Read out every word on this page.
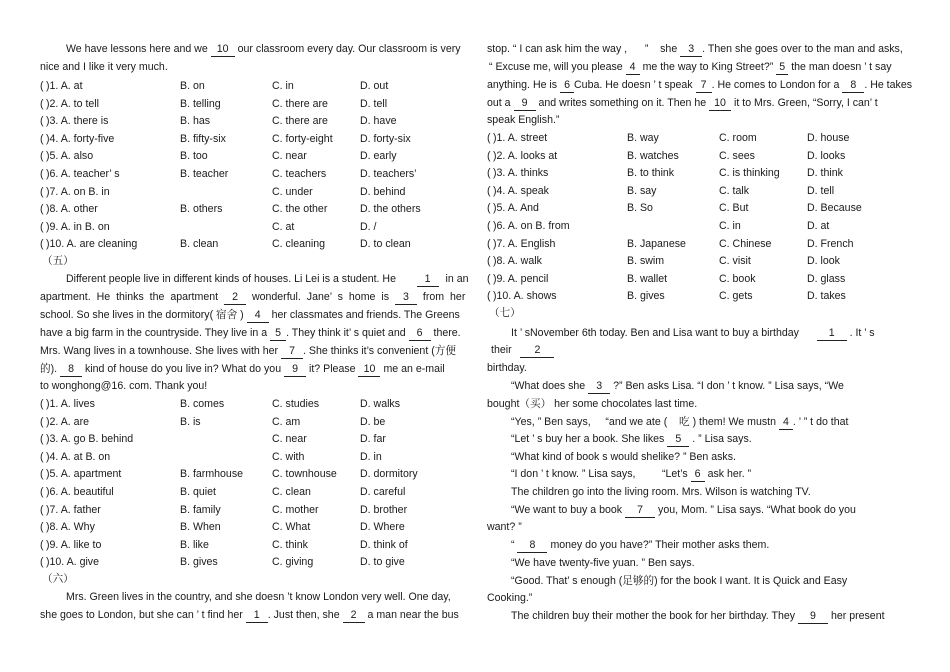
We have lessons here and we 10 our classroom every day. Our classroom is very
nice and I like it very much.
( )1. A. at	B. on	C. in	D. out
( )2. A. to tell	B. telling	C. there are	D. tell
( )3. A. there is	B. has	C. there are	D. have
( )4. A. forty-five	B. fifty-six	C. forty-eight	D. forty-six
( )5. A. also	B. too	C. near	D. early
( )6. A. teacher’ s	B. teacher	C. teachers	D. teachers’
( )7. A. on B. in	C. under	D. behind
( )8. A. other	B. others	C. the other	D. the others
( )9. A. in B. on	C. at	D. /
( )10. A. are cleaning	B. clean	C. cleaning	D. to clean
（五）
Different people live in different kinds of houses. Li Lei is a student. He	1 in an
apartment. He thinks the apartment 2 wonderful. Jane’ s home is 3 from her
school. So she lives in the dormitory( 宿舍 ) 4 her classmates and friends. The Greens
have a big farm in the countryside. They live in a 5 . They think it’ s quiet and 6 there.
Mrs. Wang lives in a townhouse. She lives with her 7 . She thinks it’s convenient (方便
的). 8 kind of house do you live in? What do you 9 it? Please 10 me an e-mail
to wonghong@16. com. Thank you!
( )1. A. lives	B. comes	C. studies	D. walks
( )2. A. are	B. is	C. am	D. be
( )3. A. go B. behind	C. near	D. far
( )4. A. at B. on	C. with	D. in
( )5. A. apartment	B. farmhouse	C. townhouse D. dormitory
( )6. A. beautiful	B. quiet	C. clean	D. careful
( )7. A. father	B. family	C. mother	D. brother
( )8. A. Why	B. When	C. What	D. Where
( )9. A. like to	B. like	C. think	D. think of
( )10. A. give	B. gives	C. giving	D. to give
（六）
Mrs. Green lives in the country, and she doesn ’t know London very well. One day,
she goes to London, but she can ’ t find her 1 . Just then, she 2 a man near the bus
stop. “ I can ask him the way , ” she 3 . Then she goes over to the man and asks,
“ Excuse me, will you please 4 me the way to King Street?” 5 the man doesn ’ t say
anything. He is 6 Cuba. He doesn ’ t speak 7 . He comes to London for a 8 . He takes
out a 9 and writes something on it. Then he 10 it to Mrs. Green, “Sorry, I can’ t
speak English.”
( )1. A. street	B. way	C. room	D. house
( )2. A. looks at	B. watches	C. sees	D. looks
( )3. A. thinks	B. to think	C. is thinking	D. think
( )4. A. speak	B. say	C. talk	D. tell
( )5. A. And	B. So	C. But	D. Because
( )6. A. on B. from	C. in	D. at
( )7. A. English	B. Japanese	C. Chinese	D. French
( )8. A. walk	B. swim	C. visit	D. look
( )9. A. pencil	B. wallet	C. book	D. glass
( )10. A. shows	B. gives	C. gets	D. takes
（七）
It ’ sNovember 6th today. Ben and Lisa want to buy a birthday	1 . It ’ s
their 2
birthday.
“What does she 3 ?” Ben asks Lisa. “I don ’ t know. ” Lisa says, “We
bought（买） her some chocolates last time.
“Yes, ” Ben says, “and we ate ( 吃 ) them! We mustn 4 . ’ ” t do that
“Let ’ s buy her a book. She likes 5 . ” Lisa says.
“What kind of book s would shelike? ” Ben asks.
“I don ’ t know. ” Lisa says,	“Let’s 6 ask her. ”
The children go into the living room. Mrs. Wilson is watching TV.
“We want to buy a book 7 you, Mom. ” Lisa says. “What book do you
want? ”
“ 8 money do you have?” Their mother asks them.
“We have twenty-five yuan. ” Ben says.
“Good. That’ s enough (足够的) for the book I want. It is Quick and Easy
Cooking.”
The children buy their mother the book for her birthday. They 9 her present
